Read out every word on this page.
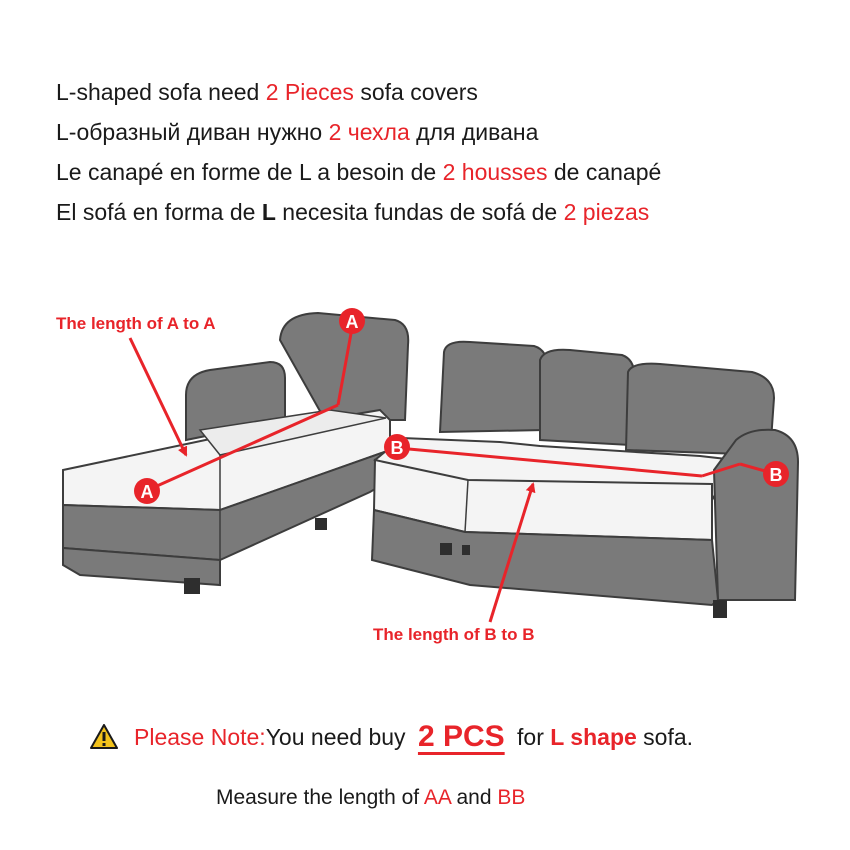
L-shaped sofa need 2 Pieces sofa covers
L-образный диван нужно 2 чехла для дивана
Le canapé en forme de L a besoin de 2 housses de canapé
El sofá en forma de L necesita fundas de sofá de 2 piezas
A
A
B
B
The length of A to A
The length of B to B
Please Note: You need buy 2 PCS for L shape sofa.
Measure the length of AA and BB
